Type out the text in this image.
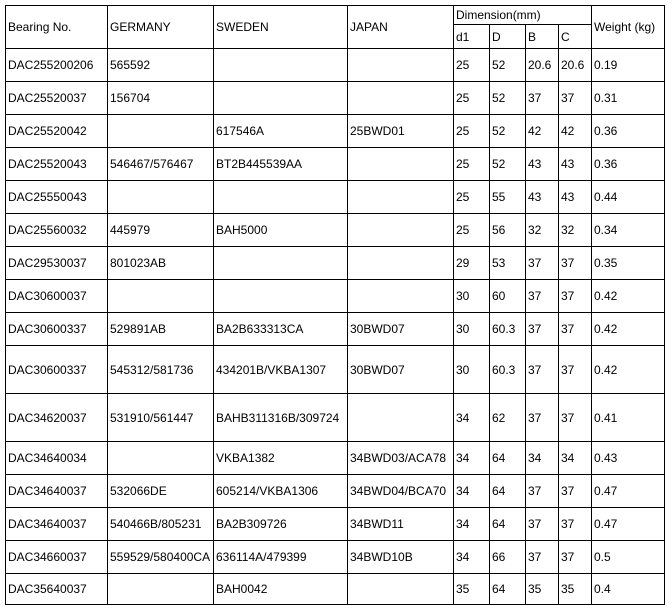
Bearing No.	GERMANY	SWEDEN	JAPAN	Dimension(mm)				Weight (kg)
				d1	D	B	C	
DAC255200206	565592			25	52	20.6	20.6	0.19
DAC25520037	156704			25	52	37	37	0.31
DAC25520042		617546A	25BWD01	25	52	42	42	0.36
DAC25520043	546467/576467	BT2B445539AA		25	52	43	43	0.36
DAC25550043				25	55	43	43	0.44
DAC25560032	445979	BAH5000		25	56	32	32	0.34
DAC29530037	801023AB			29	53	37	37	0.35
DAC30600037				30	60	37	37	0.42
DAC30600337	529891AB	BA2B633313CA	30BWD07	30	60.3	37	37	0.42
DAC30600337	545312/581736	434201B/VKBA1307	30BWD07	30	60.3	37	37	0.42
DAC34620037	531910/561447	BAHB311316B/309724		34	62	37	37	0.41
DAC34640034		VKBA1382	34BWD03/ACA78	34	64	34	34	0.43
DAC34640037	532066DE	605214/VKBA1306	34BWD04/BCA70	34	64	37	37	0.47
DAC34640037	540466B/805231	BA2B309726	34BWD11	34	64	37	37	0.47
DAC34660037	559529/580400CA	636114A/479399	34BWD10B	34	66	37	37	0.5
DAC35640037		BAH0042		35	64	35	35	0.4
